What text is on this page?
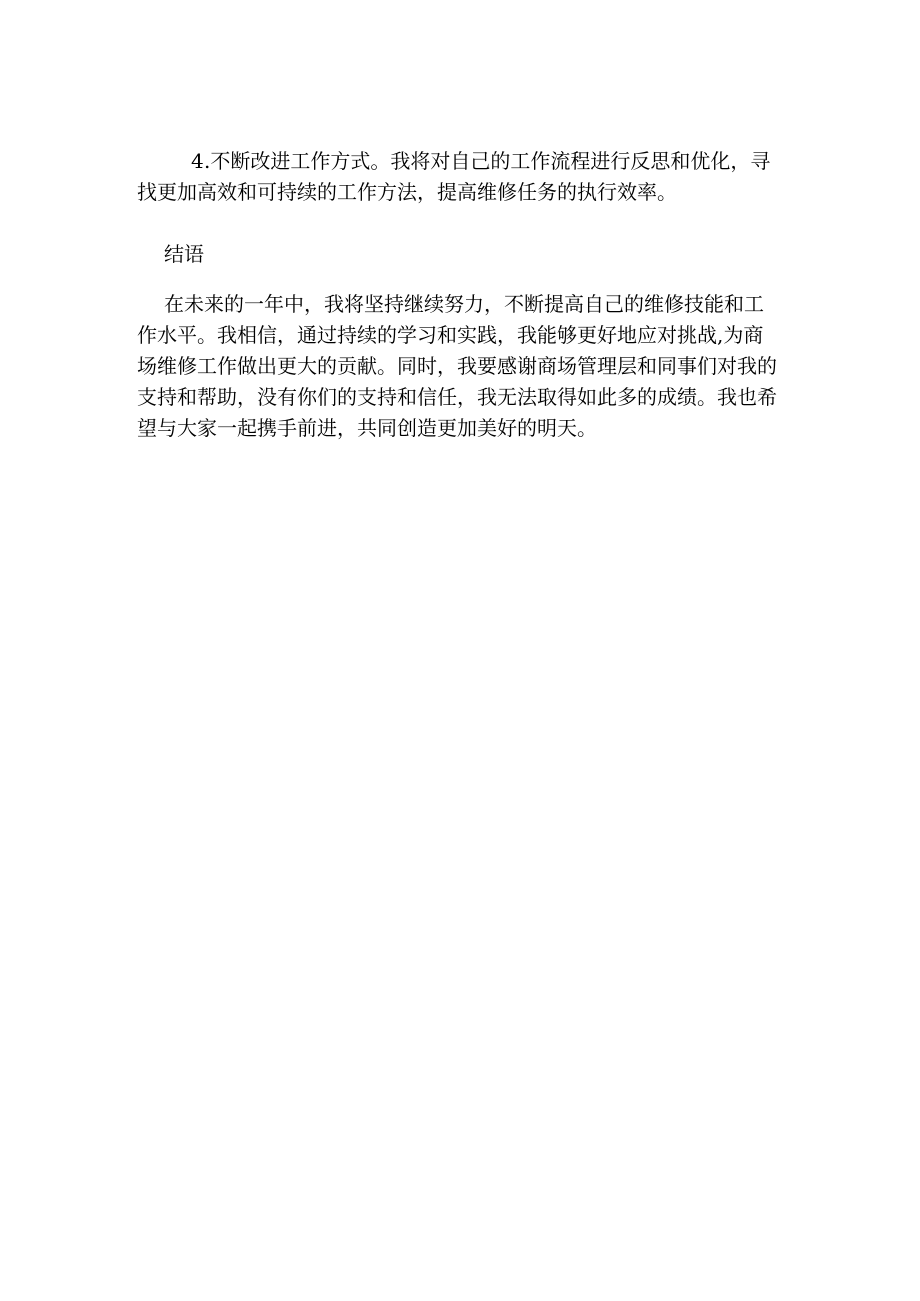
4.不断改进工作方式。我将对自己的工作流程进行反思和优化，寻找更加高效和可持续的工作方法，提高维修任务的执行效率。

结语

在未来的一年中，我将坚持继续努力，不断提高自己的维修技能和工作水平。我相信，通过持续的学习和实践，我能够更好地应对挑战,为商场维修工作做出更大的贡献。同时，我要感谢商场管理层和同事们对我的支持和帮助，没有你们的支持和信任，我无法取得如此多的成绩。我也希望与大家一起携手前进，共同创造更加美好的明天。
